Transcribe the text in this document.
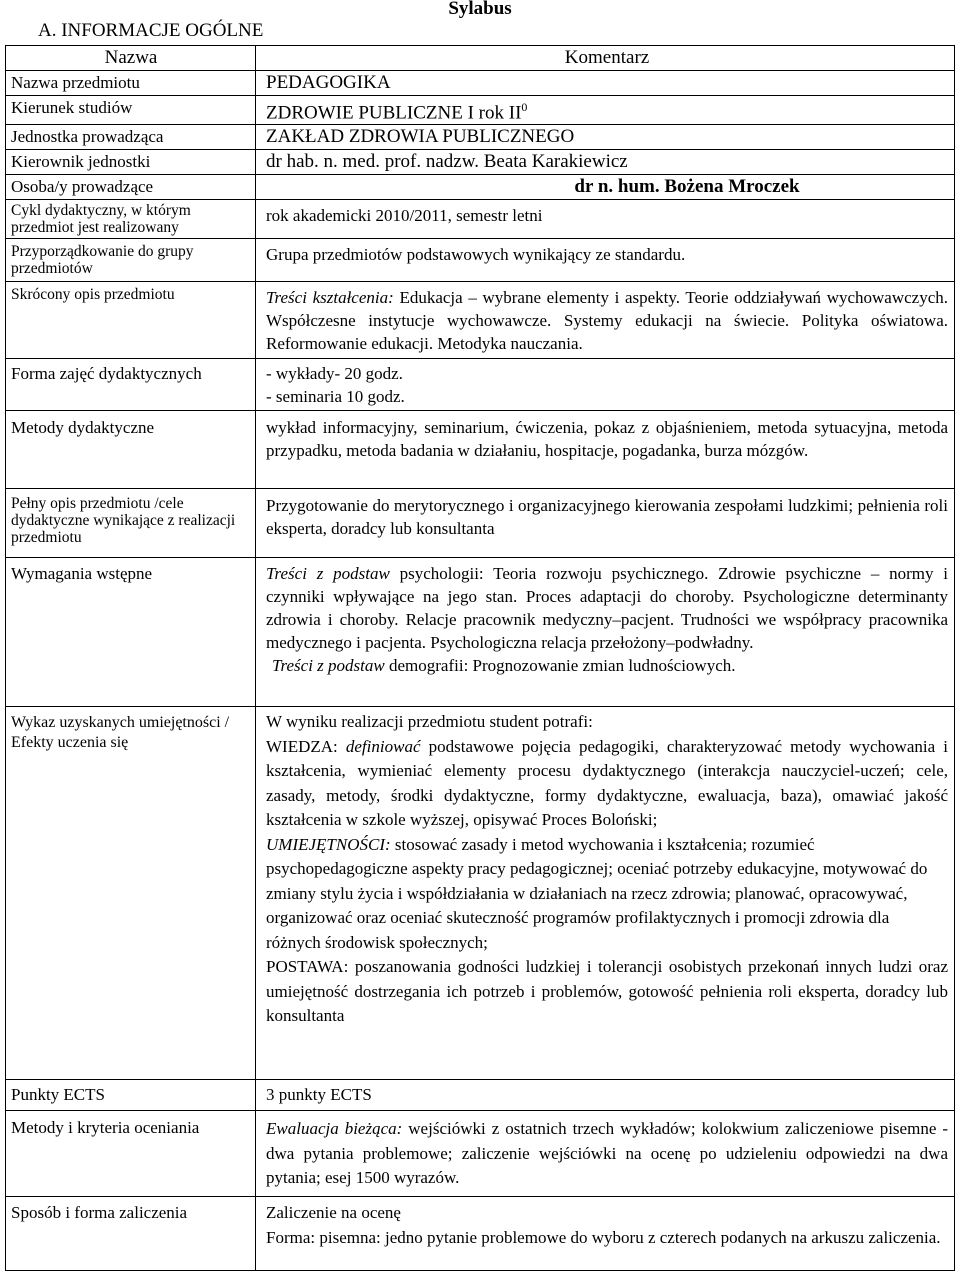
Sylabus
A. INFORMACJE OGÓLNE
Nazwa	Komentarz
Nazwa przedmiotu	PEDAGOGIKA
Kierunek studiów	ZDROWIE PUBLICZNE I rok $II^0$
Jednostka prowadząca	ZAKŁAD ZDROWIA PUBLICZNEGO
Kierownik jednostki	dr hab. n. med. prof. nadzw. Beata Karakiewicz
Osoba/y prowadzące	dr n. hum. Bożena Mroczek
Cykl dydaktyczny, w którym przedmiot jest realizowany	rok akademicki 2010/2011, semestr letni
Przyporządkowanie do grupy przedmiotów	Grupa przedmiotów podstawowych wynikający ze standardu.
Skrócony opis przedmiotu	Treści kształcenia: Edukacja – wybrane elementy i aspekty. Teorie oddziaływań wychowawczych. Współczesne instytucje wychowawcze. Systemy edukacji na świecie. Polityka oświatowa. Reformowanie edukacji. Metodyka nauczania.
Forma zajęć dydaktycznych	- wykłady- 20 godz.
- seminaria 10 godz.

Metody dydaktyczne	wykład informacyjny, seminarium, ćwiczenia, pokaz z objaśnieniem, metoda sytuacyjna, metoda przypadku, metoda badania w działaniu, hospitacje, pogadanka, burza mózgów.
Pełny opis przedmiotu /cele dydaktyczne wynikające z realizacji przedmiotu	Przygotowanie do merytorycznego i organizacyjnego kierowania zespołami ludzkimi; pełnienia roli eksperta, doradcy lub konsultanta
Wymagania wstępne	Treści z podstaw psychologii: Teoria rozwoju psychicznego. Zdrowie psychiczne – normy i czynniki wpływające na jego stan. Proces adaptacji do choroby. Psychologiczne determinanty zdrowia i choroby. Relacje pracownik medyczny–pacjent. Trudności we współpracy pracownika medycznego i pacjenta. Psychologiczna relacja przełożony–podwładny.
Treści z podstaw demografii: Prognozowanie zmian ludnościowych.

Wykaz uzyskanych umiejętności / Efekty uczenia się	W wyniku realizacji przedmiotu student potrafi:
WIEDZA: definiować podstawowe pojęcia pedagogiki, charakteryzować metody wychowania i kształcenia, wymieniać elementy procesu dydaktycznego (interakcja nauczyciel-uczeń; cele, zasady, metody, środki dydaktyczne, formy dydaktyczne, ewaluacja, baza), omawiać jakość kształcenia w szkole wyższej, opisywać Proces Boloński;
UMIEJĘTNOŚCI: stosować zasady i metod wychowania i kształcenia; rozumieć psychopedagogiczne aspekty pracy pedagogicznej; oceniać potrzeby edukacyjne, motywować do zmiany stylu życia i współdziałania w działaniach na rzecz zdrowia; planować, opracowywać, organizować oraz oceniać skuteczność programów profilaktycznych i promocji zdrowia dla różnych środowisk społecznych;
POSTAWA: poszanowania godności ludzkiej i tolerancji osobistych przekonań innych ludzi oraz umiejętność dostrzegania ich potrzeb i problemów, gotowość pełnienia roli eksperta, doradcy lub konsultanta

Punkty ECTS	3 punkty ECTS
Metody i kryteria oceniania	Ewaluacja bieżąca: wejściówki z ostatnich trzech wykładów; kolokwium zaliczeniowe pisemne - dwa pytania problemowe; zaliczenie wejściówki na ocenę po udzieleniu odpowiedzi na dwa pytania; esej 1500 wyrazów.
Sposób i forma zaliczenia	Zaliczenie na ocenę
Forma: pisemna: jedno pytanie problemowe do wyboru z czterech podanych na arkuszu zaliczenia.
